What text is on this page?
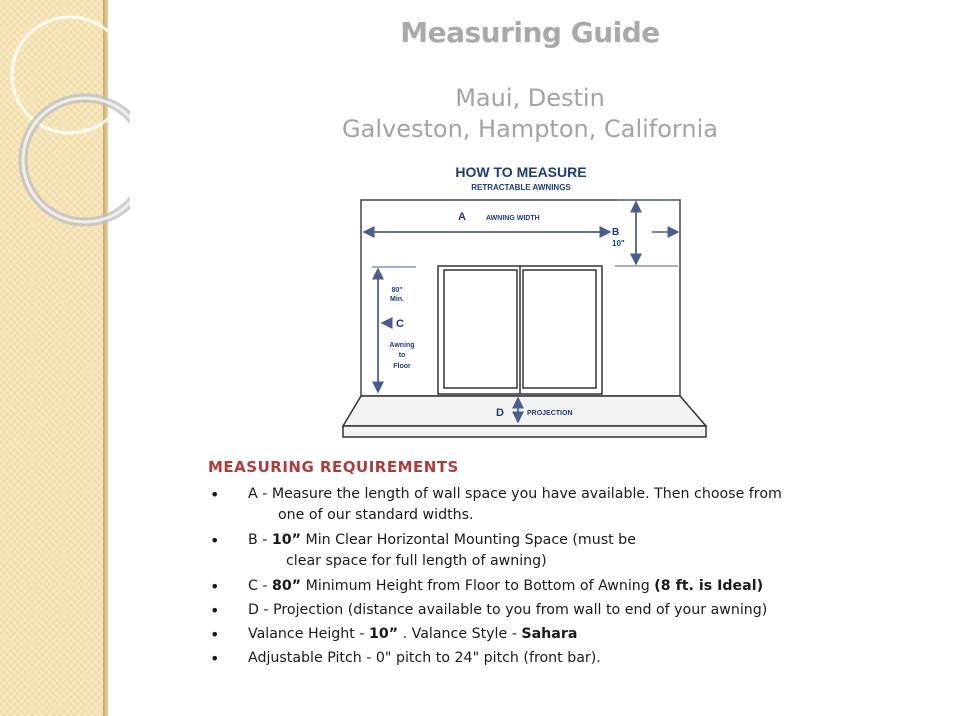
Measuring Guide
Maui, Destin
Galveston, Hampton, California
HOW TO MEASURE
RETRACTABLE AWNINGS
A	AWNING WIDTH
B
10"
80"
Min.
C
Awning
to
Floor
D	PROJECTION
MEASURING REQUIREMENTS
• A - Measure the length of wall space you have available. Then choose from
one of our standard widths.
• B - 10” Min Clear Horizontal Mounting Space (must be
clear space for full length of awning)
• C - 80” Minimum Height from Floor to Bottom of Awning (8 ft. is Ideal)
• D - Projection (distance available to you from wall to end of your awning)
• Valance Height - 10” . Valance Style - Sahara
• Adjustable Pitch - 0" pitch to 24" pitch (front bar).
